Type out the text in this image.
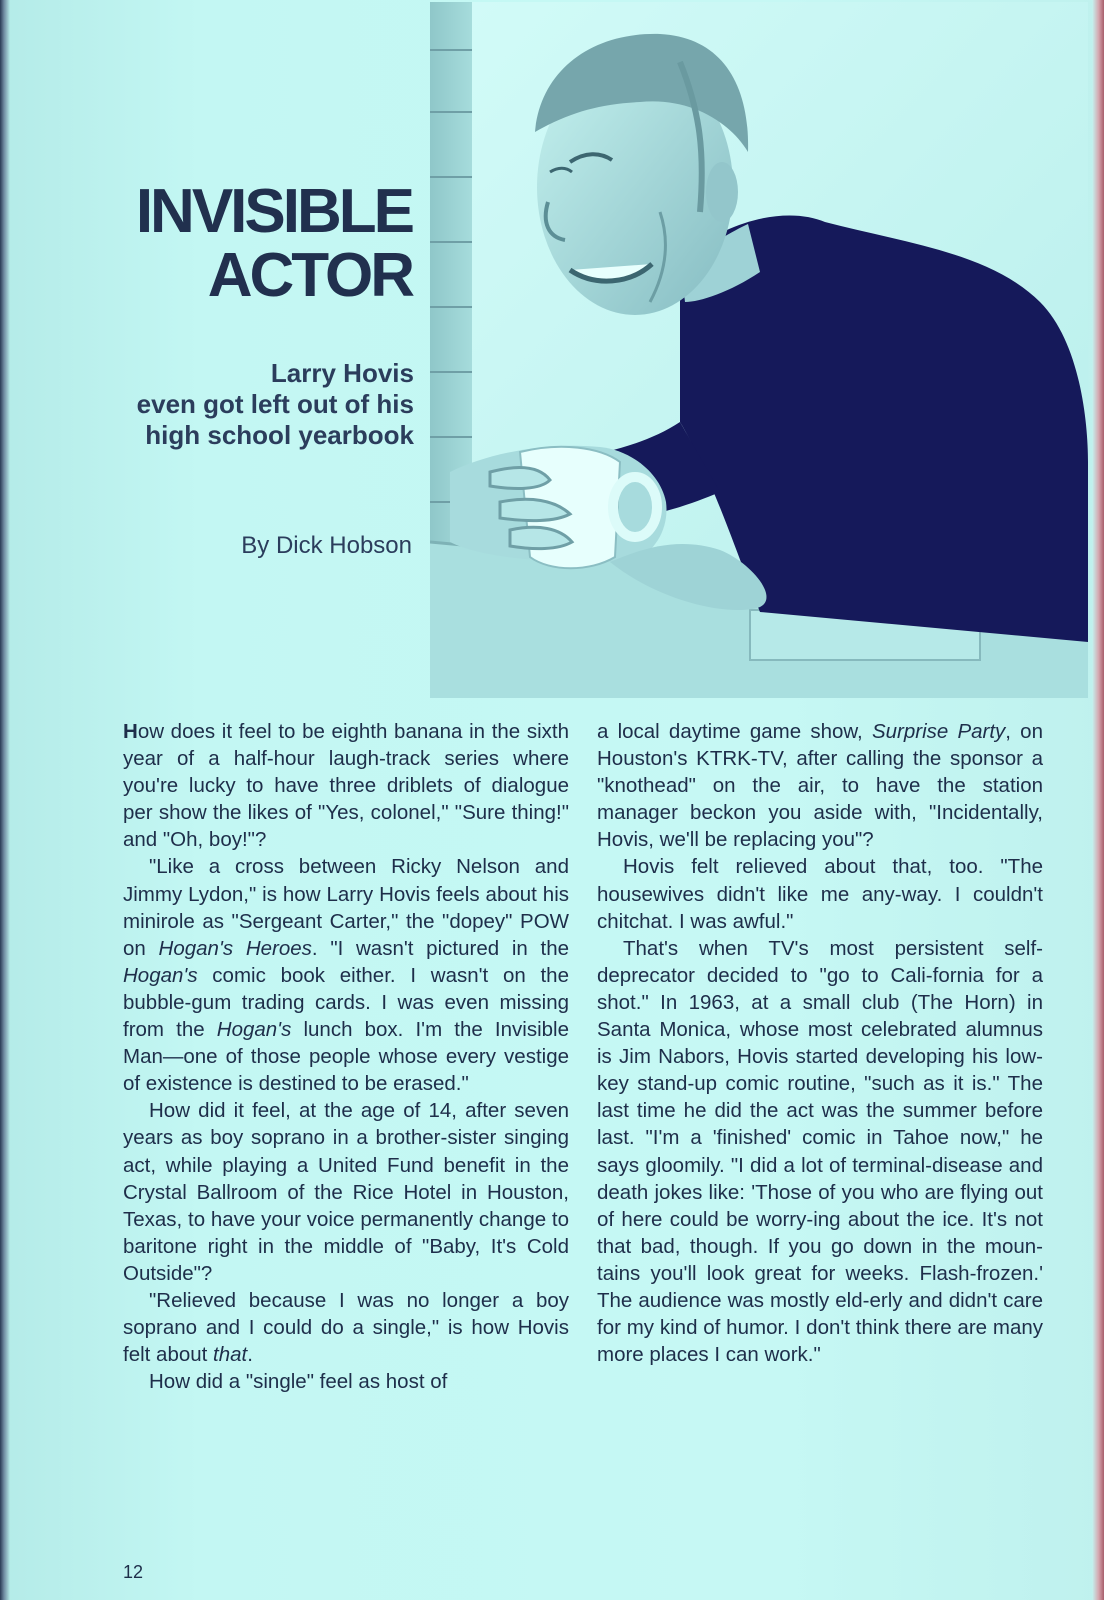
INVISIBLE
ACTOR
Larry Hovis
even got left out of his
high school yearbook

By Dick Hobson

How does it feel to be eighth banana in the sixth year of a half-hour laugh-track series where you're lucky to have three driblets of dialogue per show the likes of "Yes, colonel," "Sure thing!" and "Oh, boy!"?

"Like a cross between Ricky Nelson and Jimmy Lydon," is how Larry Hovis feels about his minirole as "Sergeant Carter," the "dopey" POW on Hogan's Heroes. "I wasn't pictured in the Hogan's comic book either. I wasn't on the bubble-gum trading cards. I was even missing from the Hogan's lunch box. I'm the Invisible Man—one of those people whose every vestige of existence is destined to be erased."

How did it feel, at the age of 14, after seven years as boy soprano in a brother-sister singing act, while playing a United Fund benefit in the Crystal Ballroom of the Rice Hotel in Houston, Texas, to have your voice permanently change to baritone right in the middle of "Baby, It's Cold Outside"?

"Relieved because I was no longer a boy soprano and I could do a single," is how Hovis felt about that.

How did a "single" feel as host of

a local daytime game show, Surprise Party, on Houston's KTRK-TV, after calling the sponsor a "knothead" on the air, to have the station manager beckon you aside with, "Incidentally, Hovis, we'll be replacing you"?

Hovis felt relieved about that, too. "The housewives didn't like me any-way. I couldn't chitchat. I was awful."

That's when TV's most persistent self-deprecator decided to "go to Cali-fornia for a shot." In 1963, at a small club (The Horn) in Santa Monica, whose most celebrated alumnus is Jim Nabors, Hovis started developing his low-key stand-up comic routine, "such as it is." The last time he did the act was the summer before last. "I'm a 'finished' comic in Tahoe now," he says gloomily. "I did a lot of terminal-disease and death jokes like: 'Those of you who are flying out of here could be worry-ing about the ice. It's not that bad, though. If you go down in the moun-tains you'll look great for weeks. Flash-frozen.' The audience was mostly eld-erly and didn't care for my kind of humor. I don't think there are many more places I can work."

12
